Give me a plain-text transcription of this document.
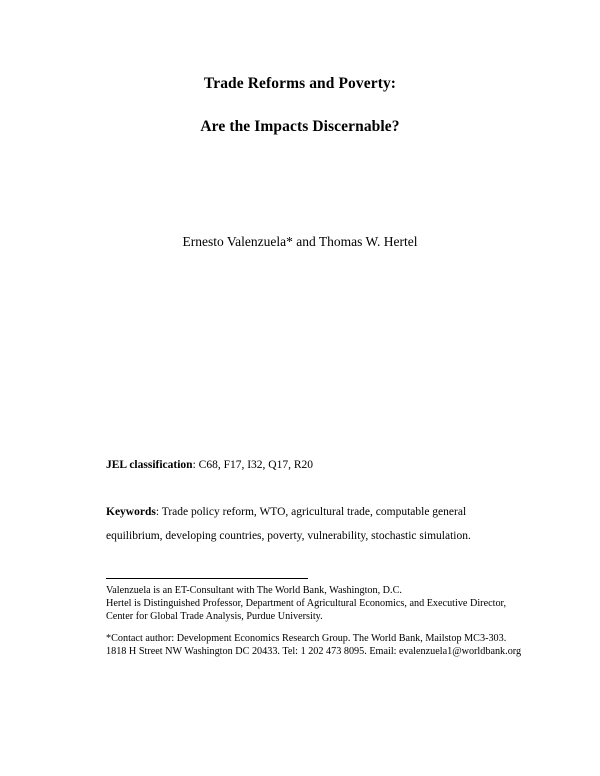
Trade Reforms and Poverty:
Are the Impacts Discernable?
Ernesto Valenzuela* and Thomas W. Hertel
JEL classification: C68, F17, I32, Q17, R20
Keywords: Trade policy reform, WTO, agricultural trade, computable general equilibrium, developing countries, poverty, vulnerability, stochastic simulation.

Valenzuela is an ET-Consultant with The World Bank, Washington, D.C.

Hertel is Distinguished Professor, Department of Agricultural Economics, and Executive Director, Center for Global Trade Analysis, Purdue University.

*Contact author: Development Economics Research Group. The World Bank, Mailstop MC3-303. 1818 H Street NW Washington DC 20433. Tel: 1 202 473 8095. Email: evalenzuela1@worldbank.org
